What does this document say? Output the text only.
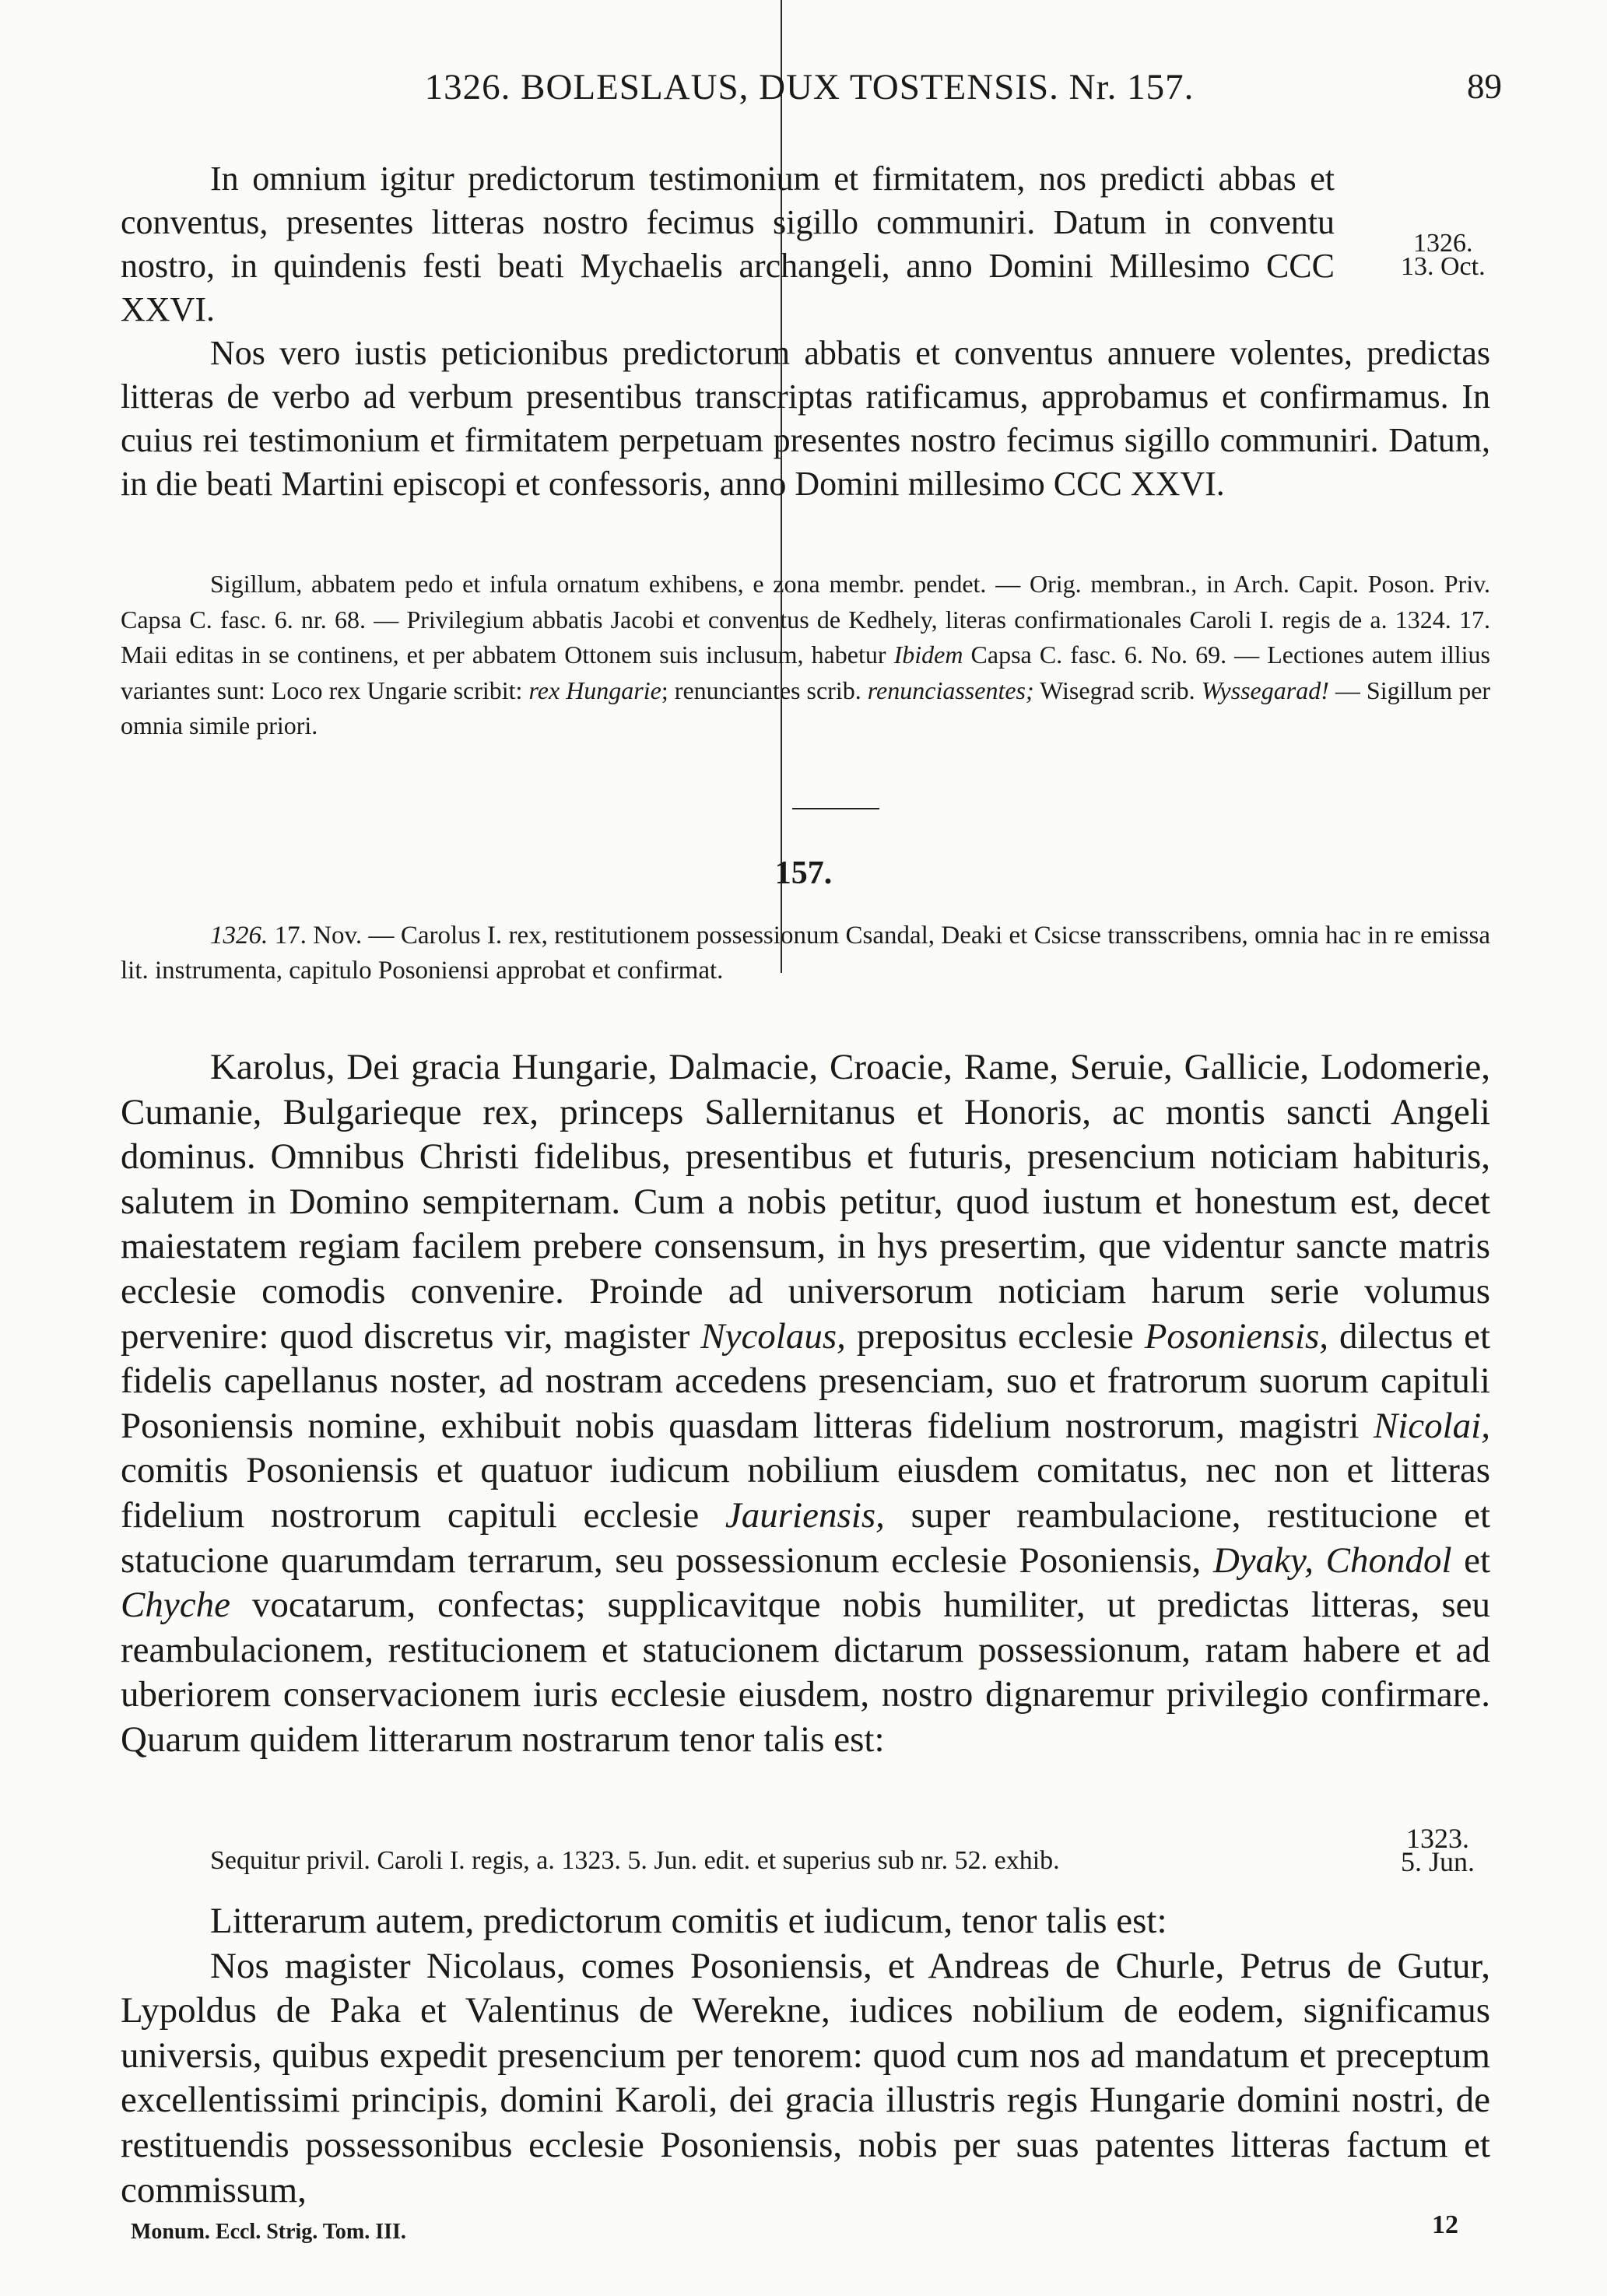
1326. BOLESLAUS, DUX TOSTENSIS. Nr. 157.	89

In omnium igitur predictorum testimonium et firmitatem, nos predicti abbas et conventus, presentes litteras nostro fecimus sigillo communiri. Datum in conventu nostro, in quindenis festi beati Mychaelis archangeli, anno Domini Millesimo CCC XXVI.

Nos vero iustis peticionibus predictorum abbatis et conventus annuere volentes, predictas litteras de verbo ad verbum presentibus transcriptas ratificamus, approbamus et confirmamus. In cuius rei testimonium et firmitatem perpetuam presentes nostro fecimus sigillo communiri. Datum, in die beati Martini episcopi et confessoris, anno Domini millesimo CCC XXVI.

1326.
13. Oct.

Sigillum, abbatem pedo et infula ornatum exhibens, e zona membr. pendet. — Orig. membran., in Arch. Capit. Poson. Priv. Capsa C. fasc. 6. nr. 68. — Privilegium abbatis Jacobi et conventus de Kedhely, literas confirmationales Caroli I. regis de a. 1324. 17. Maii editas in se continens, et per abbatem Ottonem suis inclusum, habetur Ibidem Capsa C. fasc. 6. No. 69. — Lectiones autem illius variantes sunt: Loco rex Ungarie scribit: rex Hungarie; renunciantes scrib. renunciassentes; Wisegrad scrib. Wyssegarad! — Sigillum per omnia simile priori.

157.

1326. 17. Nov. — Carolus I. rex, restitutionem possessionum Csandal, Deaki et Csicse transscribens, omnia hac in re emissa lit. instrumenta, capitulo Posoniensi approbat et confirmat.

Karolus, Dei gracia Hungarie, Dalmacie, Croacie, Rame, Seruie, Gallicie, Lodomerie, Cumanie, Bulgarieque rex, princeps Sallernitanus et Honoris, ac montis sancti Angeli dominus. Omnibus Christi fidelibus, presentibus et futuris, presencium noticiam habituris, salutem in Domino sempiternam. Cum a nobis petitur, quod iustum et honestum est, decet maiestatem regiam facilem prebere consensum, in hys presertim, que videntur sancte matris ecclesie comodis convenire. Proinde ad universorum noticiam harum serie volumus pervenire: quod discretus vir, magister Nycolaus, prepositus ecclesie Posoniensis, dilectus et fidelis capellanus noster, ad nostram accedens presenciam, suo et fratrorum suorum capituli Posoniensis nomine, exhibuit nobis quasdam litteras fidelium nostrorum, magistri Nicolai, comitis Posoniensis et quatuor iudicum nobilium eiusdem comitatus, nec non et litteras fidelium nostrorum capituli ecclesie Jauriensis, super reambulacione, restitucione et statucione quarumdam terrarum, seu possessionum ecclesie Posoniensis, Dyaky, Chondol et Chyche vocatarum, confectas; supplicavitque nobis humiliter, ut predictas litteras, seu reambulacionem, restitucionem et statucionem dictarum possessionum, ratam habere et ad uberiorem conservacionem iuris ecclesie eiusdem, nostro dignaremur privilegio confirmare. Quarum quidem litterarum nostrarum tenor talis est:

Sequitur privil. Caroli I. regis, a. 1323. 5. Jun. edit. et superius sub nr. 52. exhib.

1323.
5. Jun.

Litterarum autem, predictorum comitis et iudicum, tenor talis est:

Nos magister Nicolaus, comes Posoniensis, et Andreas de Churle, Petrus de Gutur, Lypoldus de Paka et Valentinus de Werekne, iudices nobilium de eodem, significamus universis, quibus expedit presencium per tenorem: quod cum nos ad mandatum et preceptum excellentissimi principis, domini Karoli, dei gracia illustris regis Hungarie domini nostri, de restituendis possessonibus ecclesie Posoniensis, nobis per suas patentes litteras factum et commissum,

Monum. Eccl. Strig. Tom. III.	12
